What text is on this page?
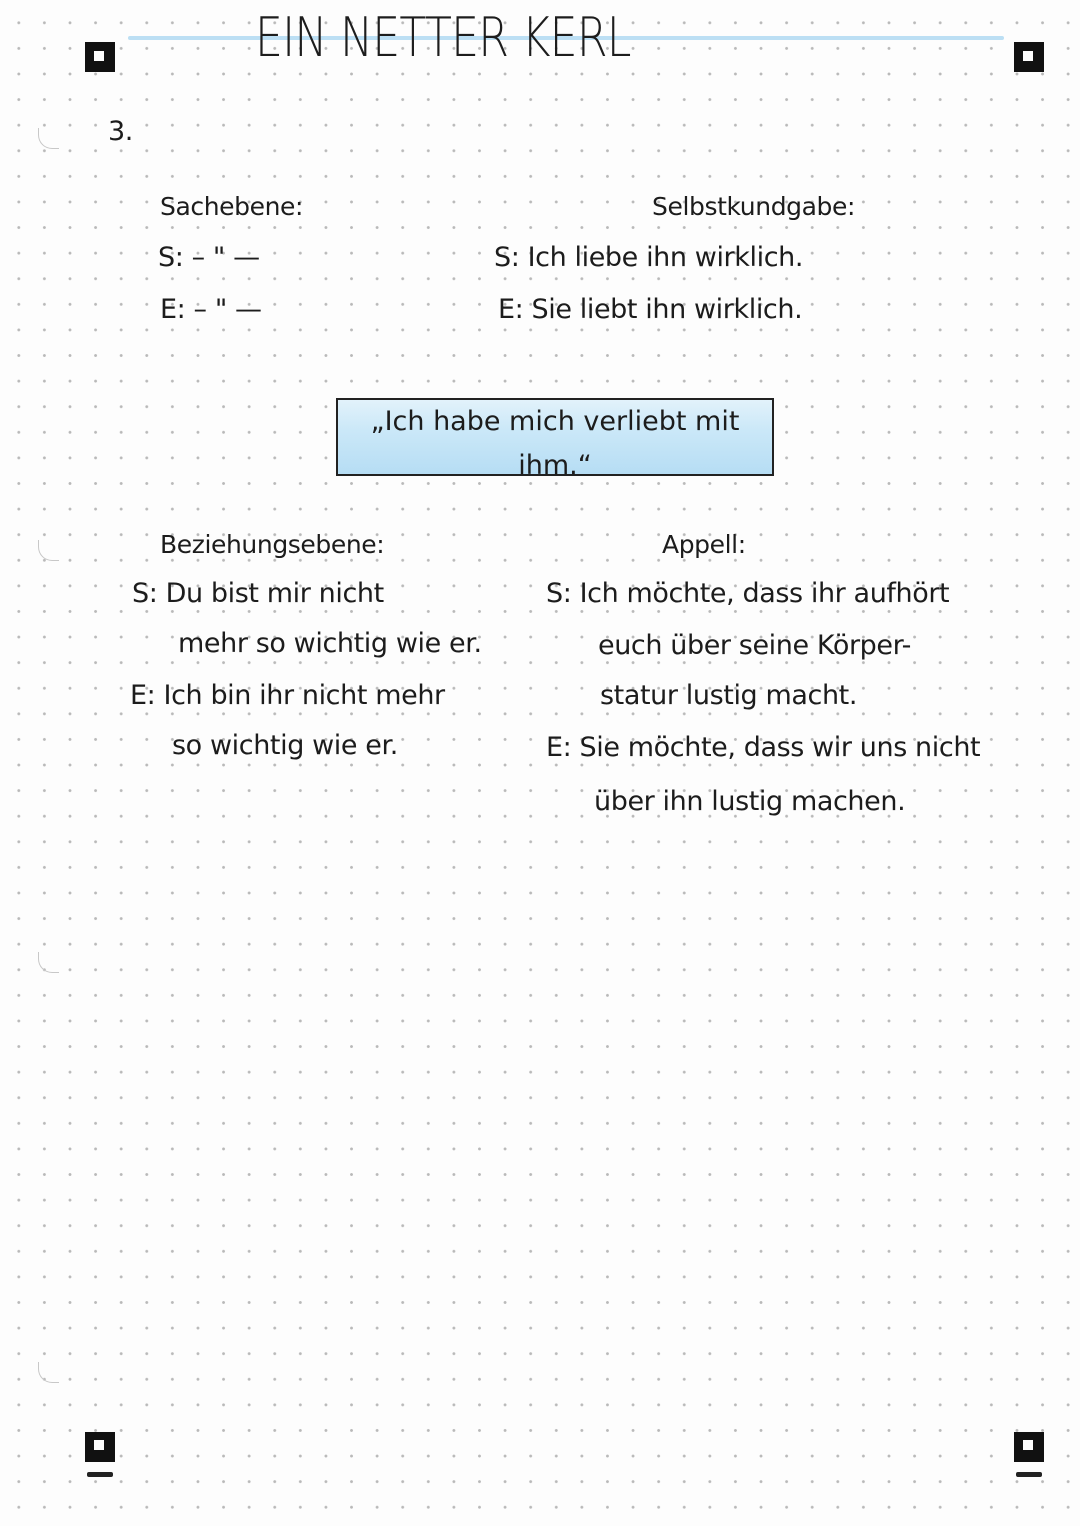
EIN NETTER KERL
3.
Sachebene:
S: – " —
E: – " —
Selbstkundgabe:
S: Ich liebe ihn wirklich.
E: Sie liebt ihn wirklich.
„Ich habe mich verliebt mit ihm.“
Beziehungsebene:
S: Du bist mir nicht
mehr so wichtig wie er.
E: Ich bin ihr nicht mehr
so wichtig wie er.
Appell:
S: Ich möchte, dass ihr aufhört
euch über seine Körper-
statur lustig macht.
E: Sie möchte, dass wir uns nicht
über ihn lustig machen.
